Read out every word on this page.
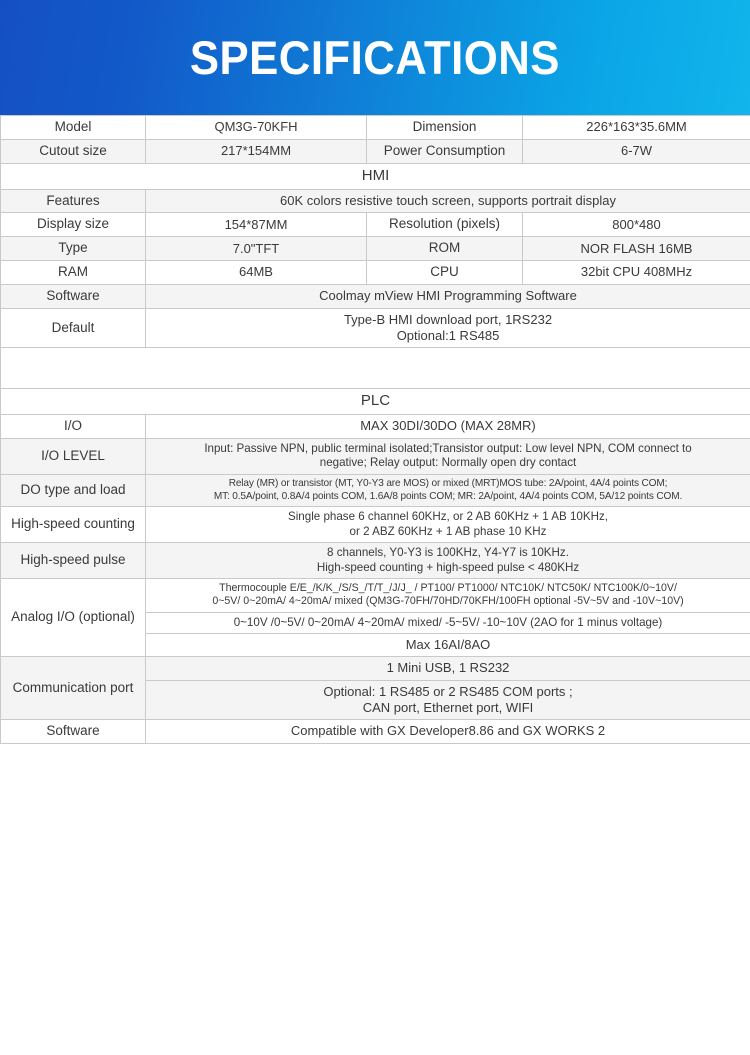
SPECIFICATIONS
Model	QM3G-70KFH	Dimension	226*163*35.6MM
Cutout size	217*154MM	Power Consumption	6-7W
HMI			
Features	60K colors resistive touch screen, supports portrait display		
Display size	154*87MM	Resolution (pixels)	800*480
Type	7.0"TFT	ROM	NOR FLASH 16MB
RAM	64MB	CPU	32bit CPU 408MHz
Software	Coolmay mView HMI Programming Software		
Default	Type-B HMI download port, 1RS232
Optional:1 RS485		

PLC			
I/O	MAX 30DI/30DO (MAX 28MR)		
I/O LEVEL	Input: Passive NPN, public terminal isolated;Transistor output: Low level NPN, COM connect to
negative; Relay output: Normally open dry contact		

DO type and load	Relay (MR) or transistor (MT, Y0-Y3 are MOS) or mixed (MRT)MOS tube: 2A/point, 4A/4 points COM;
MT: 0.5A/point, 0.8A/4 points COM, 1.6A/8 points COM; MR: 2A/point, 4A/4 points COM, 5A/12 points COM.		

High-speed counting	Single phase 6 channel 60KHz, or 2 AB 60KHz + 1 AB 10KHz,
or 2 ABZ 60KHz + 1 AB phase 10 KHz		

High-speed pulse	8 channels, Y0-Y3 is 100KHz, Y4-Y7 is 10KHz.
High-speed counting + high-speed pulse < 480KHz		

Analog I/O (optional)	Thermocouple E/E_/K/K_/S/S_/T/T_/J/J_ / PT100/ PT1000/ NTC10K/ NTC50K/ NTC100K/0~10V/
0~5V/ 0~20mA/ 4~20mA/ mixed (QM3G-70FH/70HD/70KFH/100FH optional -5V~5V and -10V~10V)		

	0~10V /0~5V/ 0~20mA/ 4~20mA/ mixed/ -5~5V/ -10~10V (2AO for 1 minus voltage)		
	Max 16AI/8AO		

Communication port	1 Mini USB, 1 RS232		

	Optional: 1 RS485 or 2 RS485 COM ports ;
CAN port, Ethernet port, WIFI		

Software	Compatible with GX Developer8.86 and GX WORKS 2		
